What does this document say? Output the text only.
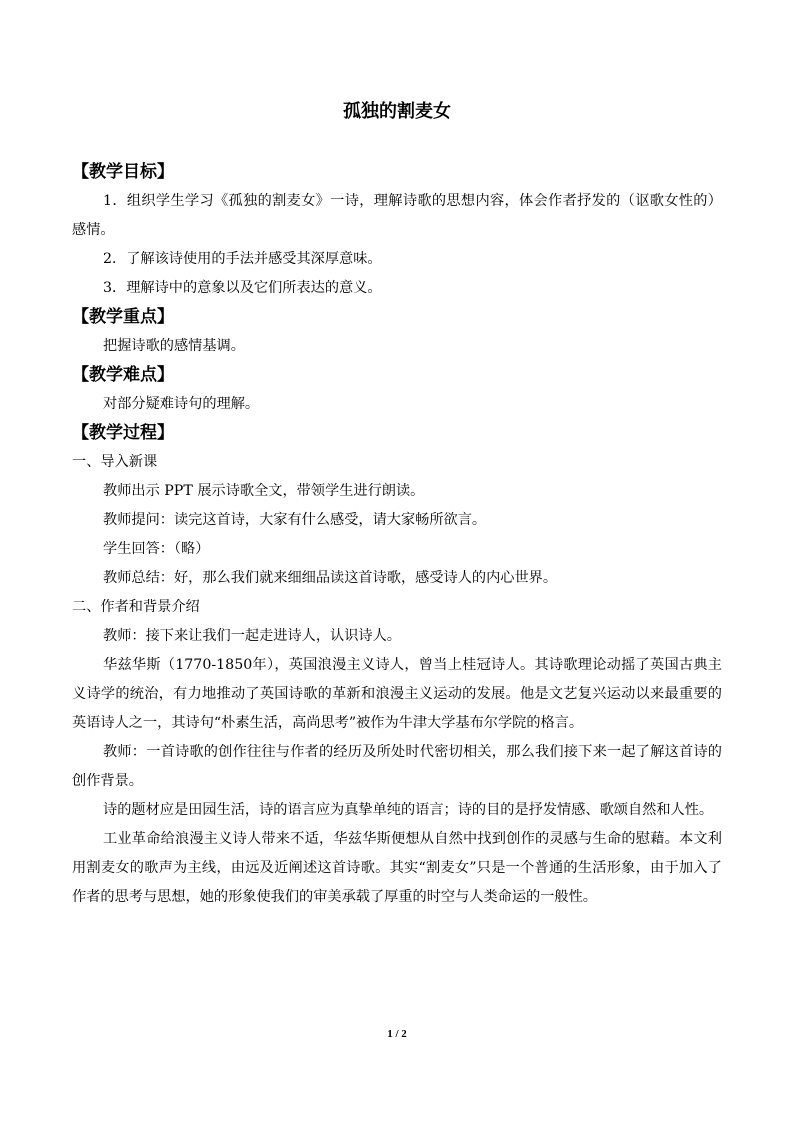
孤独的割麦女
【教学目标】

1．组织学生学习《孤独的割麦女》一诗，理解诗歌的思想内容，体会作者抒发的（讴歌女性的）感情。

2．了解该诗使用的手法并感受其深厚意味。

3．理解诗中的意象以及它们所表达的意义。

【教学重点】

把握诗歌的感情基调。

【教学难点】

对部分疑难诗句的理解。

【教学过程】

一、导入新课

教师出示 PPT 展示诗歌全文，带领学生进行朗读。

教师提问：读完这首诗，大家有什么感受，请大家畅所欲言。

学生回答：（略）

教师总结：好，那么我们就来细细品读这首诗歌，感受诗人的内心世界。

二、作者和背景介绍

教师：接下来让我们一起走进诗人，认识诗人。

华兹华斯（1770-1850年），英国浪漫主义诗人，曾当上桂冠诗人。其诗歌理论动摇了英国古典主义诗学的统治，有力地推动了英国诗歌的革新和浪漫主义运动的发展。他是文艺复兴运动以来最重要的英语诗人之一，其诗句“朴素生活，高尚思考”被作为牛津大学基布尔学院的格言。

教师：一首诗歌的创作往往与作者的经历及所处时代密切相关，那么我们接下来一起了解这首诗的创作背景。

诗的题材应是田园生活，诗的语言应为真挚单纯的语言；诗的目的是抒发情感、歌颂自然和人性。

工业革命给浪漫主义诗人带来不适，华兹华斯便想从自然中找到创作的灵感与生命的慰藉。本文利用割麦女的歌声为主线，由远及近阐述这首诗歌。其实“割麦女”只是一个普通的生活形象，由于加入了作者的思考与思想，她的形象使我们的审美承载了厚重的时空与人类命运的一般性。

1 / 2
